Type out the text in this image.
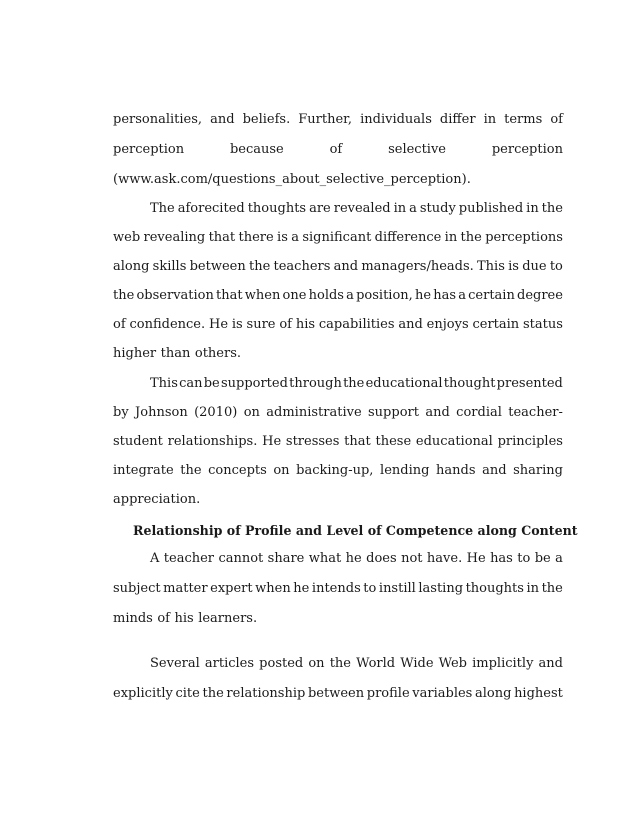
personalities, and beliefs. Further, individuals differ in terms of
perception	because	of	selective	perception
(www.ask.com/questions_about_selective_perception).
The aforecited thoughts are revealed in a study published in the
web revealing that there is a significant difference in the perceptions
along skills between the teachers and managers/heads. This is due to
the observation that when one holds a position, he has a certain degree
of confidence. He is sure of his capabilities and enjoys certain status
higher than others.
This can be supported through the educational thought presented
by Johnson (2010) on administrative support and cordial teacher-
student relationships. He stresses that these educational principles
integrate the concepts on backing-up, lending hands and sharing
appreciation.
Relationship of Profile and Level of Competence along Content
A teacher cannot share what he does not have. He has to be a
subject matter expert when he intends to instill lasting thoughts in the
minds of his learners.
Several articles posted on the World Wide Web implicitly and
explicitly cite the relationship between profile variables along highest
